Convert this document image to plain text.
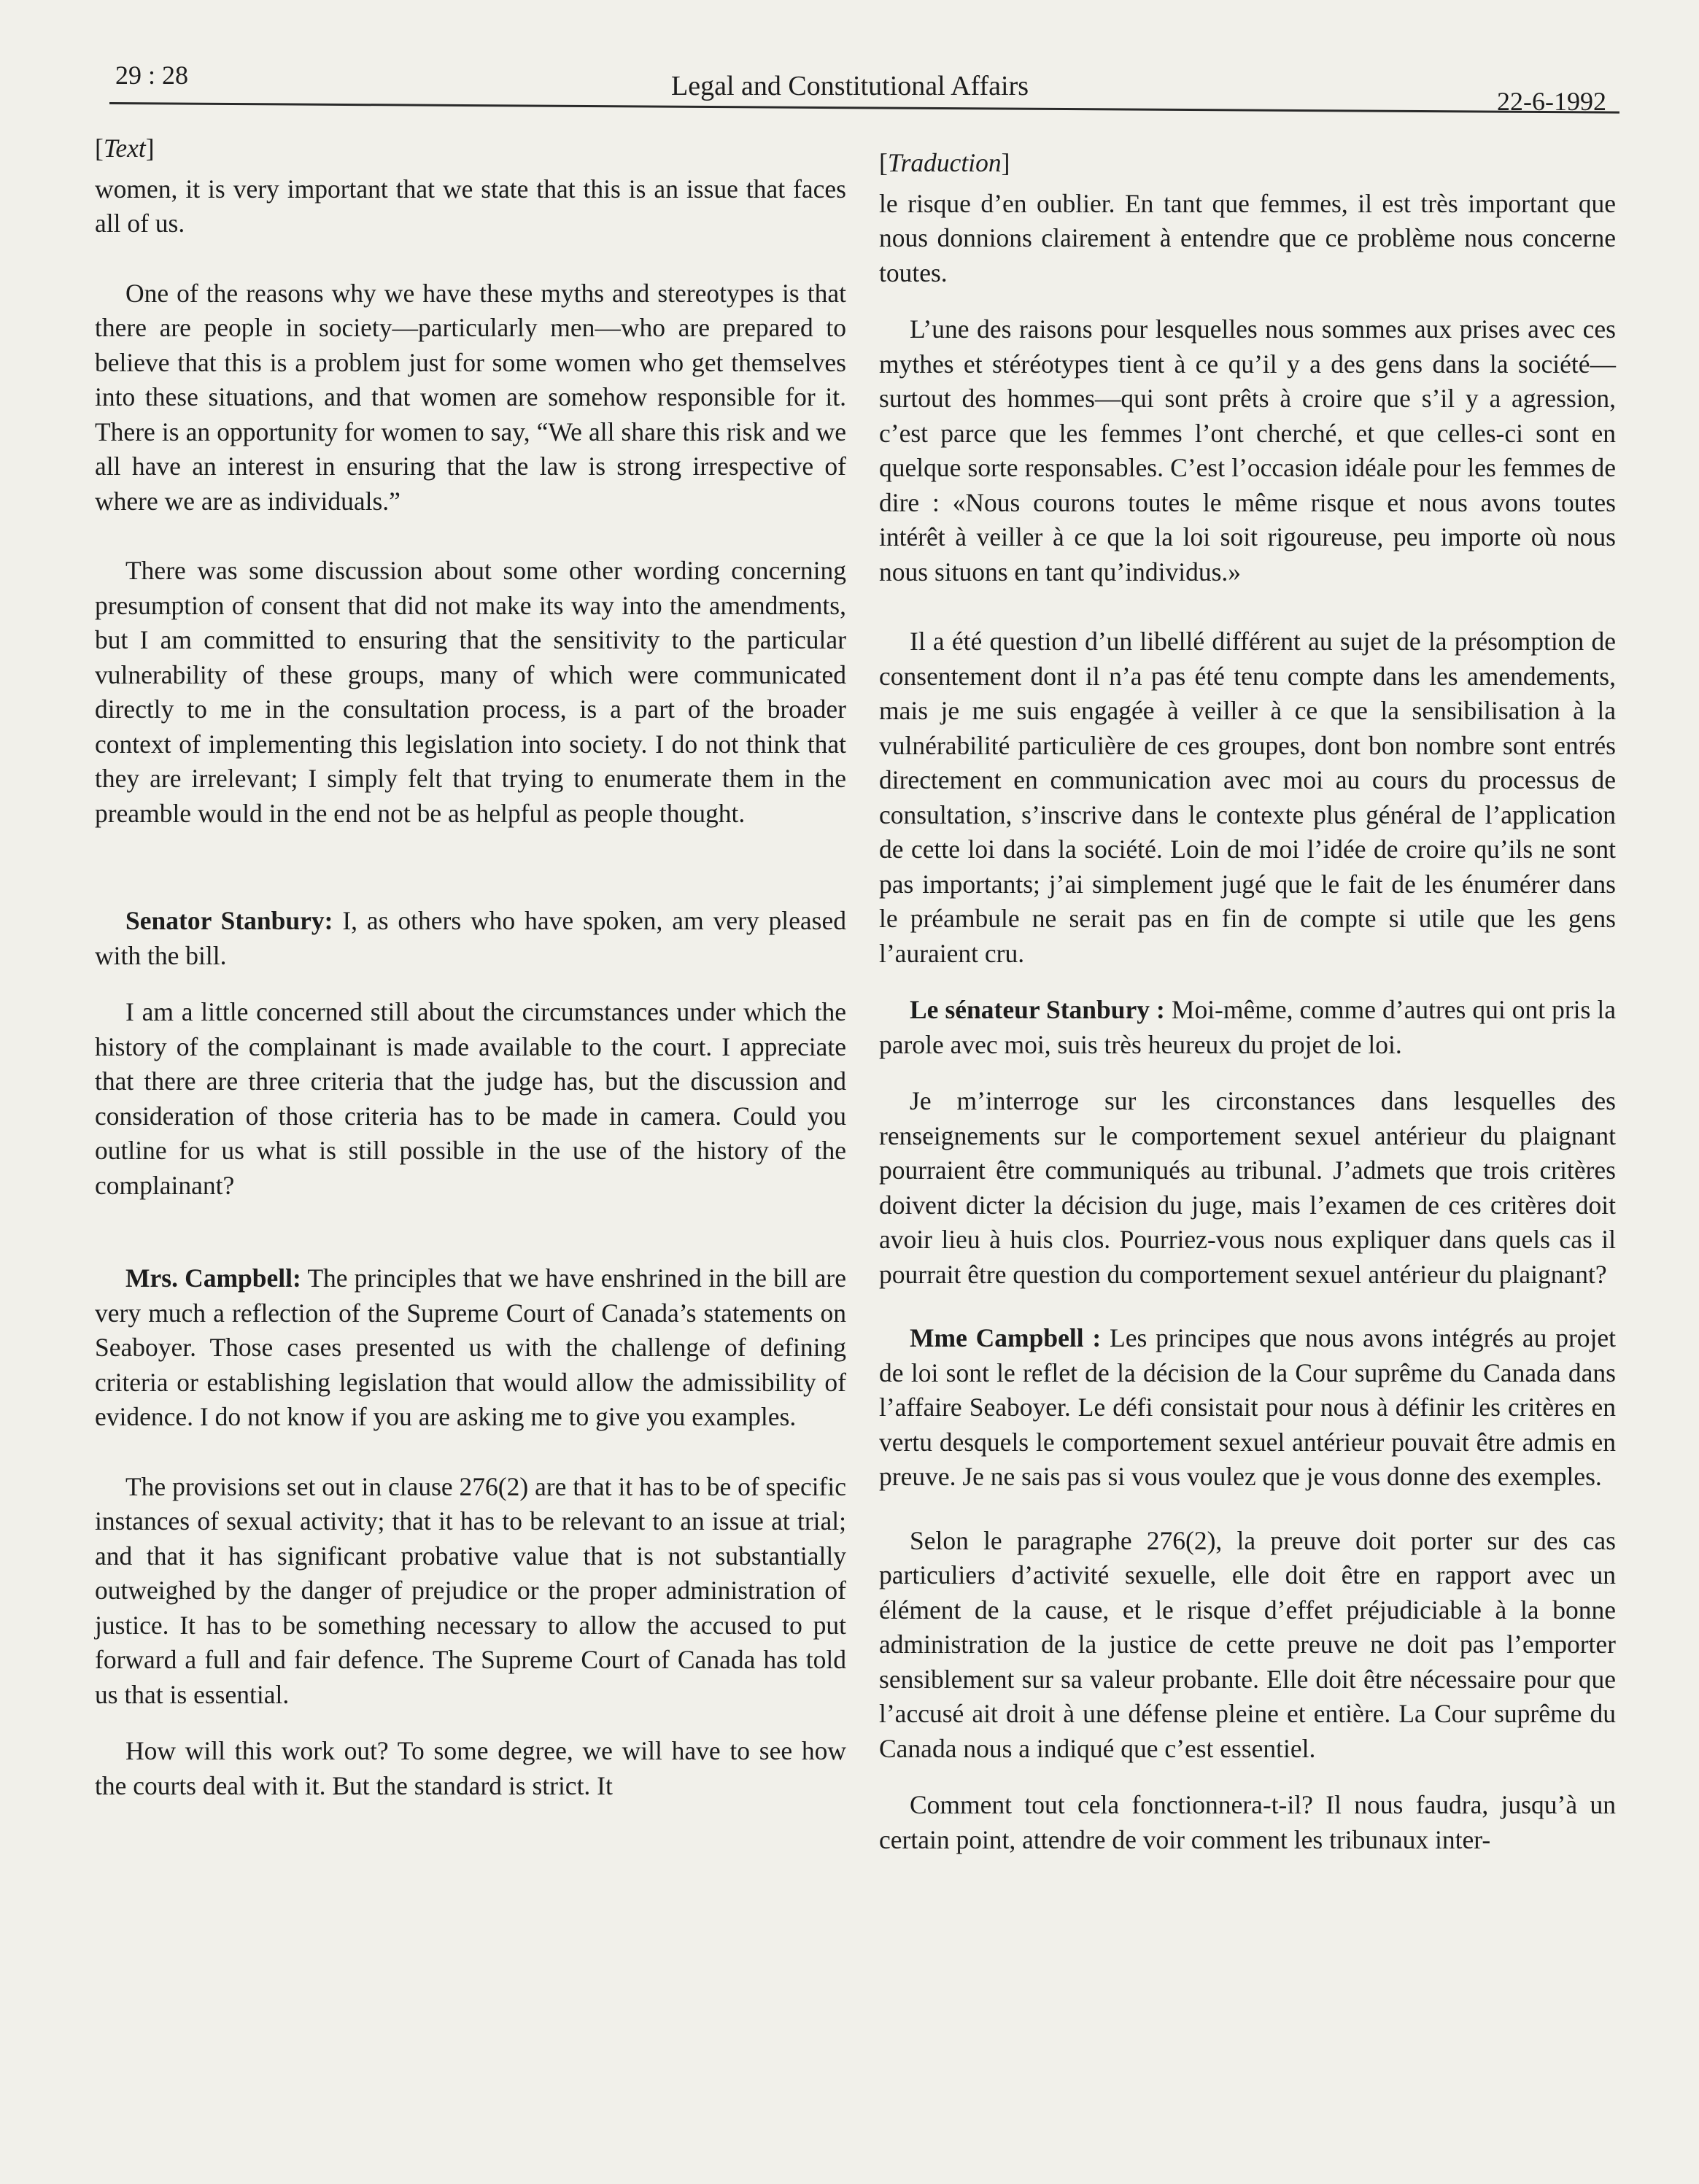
29 : 28	Legal and Constitutional Affairs	22-6-1992

[Text]

women, it is very important that we state that this is an issue that faces all of us.

One of the reasons why we have these myths and stereotypes is that there are people in society—particularly men—who are prepared to believe that this is a problem just for some women who get themselves into these situations, and that women are somehow responsible for it. There is an opportunity for women to say, “We all share this risk and we all have an interest in ensuring that the law is strong irrespective of where we are as individuals.”

There was some discussion about some other wording concerning presumption of consent that did not make its way into the amendments, but I am committed to ensuring that the sensitivity to the particular vulnerability of these groups, many of which were communicated directly to me in the consultation process, is a part of the broader context of implementing this legislation into society. I do not think that they are irrelevant; I simply felt that trying to enumerate them in the preamble would in the end not be as helpful as people thought.

Senator Stanbury: I, as others who have spoken, am very pleased with the bill.

I am a little concerned still about the circumstances under which the history of the complainant is made available to the court. I appreciate that there are three criteria that the judge has, but the discussion and consideration of those criteria has to be made in camera. Could you outline for us what is still possible in the use of the history of the complainant?

Mrs. Campbell: The principles that we have enshrined in the bill are very much a reflection of the Supreme Court of Canada’s statements on Seaboyer. Those cases presented us with the challenge of defining criteria or establishing legislation that would allow the admissibility of evidence. I do not know if you are asking me to give you examples.

The provisions set out in clause 276(2) are that it has to be of specific instances of sexual activity; that it has to be relevant to an issue at trial; and that it has significant probative value that is not substantially outweighed by the danger of prejudice or the proper administration of justice. It has to be something necessary to allow the accused to put forward a full and fair defence. The Supreme Court of Canada has told us that is essential.

How will this work out? To some degree, we will have to see how the courts deal with it. But the standard is strict. It

[Traduction]

le risque d’en oublier. En tant que femmes, il est très important que nous donnions clairement à entendre que ce problème nous concerne toutes.

L’une des raisons pour lesquelles nous sommes aux prises avec ces mythes et stéréotypes tient à ce qu’il y a des gens dans la société—surtout des hommes—qui sont prêts à croire que s’il y a agression, c’est parce que les femmes l’ont cherché, et que celles-ci sont en quelque sorte responsables. C’est l’occasion idéale pour les femmes de dire : «Nous courons toutes le même risque et nous avons toutes intérêt à veiller à ce que la loi soit rigoureuse, peu importe où nous nous situons en tant qu’individus.»

Il a été question d’un libellé différent au sujet de la présomption de consentement dont il n’a pas été tenu compte dans les amendements, mais je me suis engagée à veiller à ce que la sensibilisation à la vulnérabilité particulière de ces groupes, dont bon nombre sont entrés directement en communication avec moi au cours du processus de consultation, s’inscrive dans le contexte plus général de l’application de cette loi dans la société. Loin de moi l’idée de croire qu’ils ne sont pas importants; j’ai simplement jugé que le fait de les énumérer dans le préambule ne serait pas en fin de compte si utile que les gens l’auraient cru.

Le sénateur Stanbury : Moi-même, comme d’autres qui ont pris la parole avec moi, suis très heureux du projet de loi.

Je m’interroge sur les circonstances dans lesquelles des renseignements sur le comportement sexuel antérieur du plaignant pourraient être communiqués au tribunal. J’admets que trois critères doivent dicter la décision du juge, mais l’examen de ces critères doit avoir lieu à huis clos. Pourriez-vous nous expliquer dans quels cas il pourrait être question du comportement sexuel antérieur du plaignant?

Mme Campbell : Les principes que nous avons intégrés au projet de loi sont le reflet de la décision de la Cour suprême du Canada dans l’affaire Seaboyer. Le défi consistait pour nous à définir les critères en vertu desquels le comportement sexuel antérieur pouvait être admis en preuve. Je ne sais pas si vous voulez que je vous donne des exemples.

Selon le paragraphe 276(2), la preuve doit porter sur des cas particuliers d’activité sexuelle, elle doit être en rapport avec un élément de la cause, et le risque d’effet préjudiciable à la bonne administration de la justice de cette preuve ne doit pas l’emporter sensiblement sur sa valeur probante. Elle doit être nécessaire pour que l’accusé ait droit à une défense pleine et entière. La Cour suprême du Canada nous a indiqué que c’est essentiel.

Comment tout cela fonctionnera-t-il? Il nous faudra, jusqu’à un certain point, attendre de voir comment les tribunaux inter-
